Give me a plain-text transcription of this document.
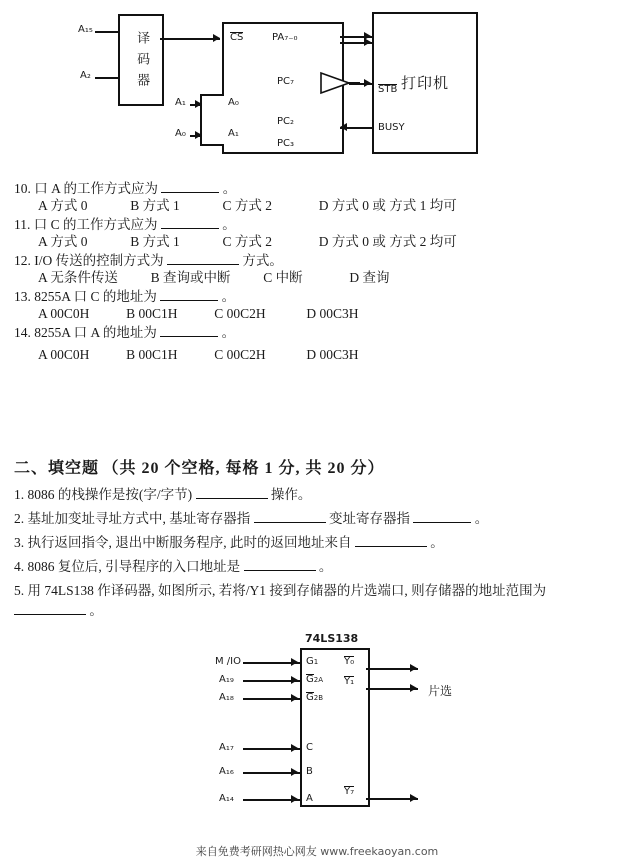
译 码 器	打印机
A₁₅
A₂
CS	PA₇₋₀
PC₇
STB
PC₂
PC₃
BUSY
A₁
A₀
A₀
A₁
10. 口 A 的工作方式应为	。
A 方式 0	B 方式 1	C 方式 2	D 方式 0 或 方式 1 均可
11. 口 C 的工作方式应为	。
A 方式 0	B 方式 1	C 方式 2	D 方式 0 或 方式 2 均可
12. I/O 传送的控制方式为	方式。
A 无条件传送 B 查询或中断 C 中断	D 查询
13. 8255A 口 C 的地址为	。
A 00C0H	B 00C1H	C 00C2H	D 00C3H
14. 8255A 口 A 的地址为	。
A 00C0H	B 00C1H	C 00C2H	D 00C3H
二、填空题 （共 20 个空格, 每格 1 分, 共 20 分）
1. 8086 的栈操作是按(字/字节)	操作。
2. 基址加变址寻址方式中, 基址寄存器指	变址寄存器指	。
3. 执行返回指令, 退出中断服务程序, 此时的返回地址来自	。
4. 8086 复位后, 引导程序的入口地址是	。
5. 用 74LS138 作译码器, 如图所示, 若将/Y1 接到存储器的片选端口, 则存储器的地址范围为  。
74LS138
M /IO
A₁₉
A₁₈
A₁₇
A₁₆
A₁₄
G1
G2A
G2B
C
B
A
Y₀
Y₁
Y₇
片选
来自免费考研网热心网友 www.freekaoyan.com
